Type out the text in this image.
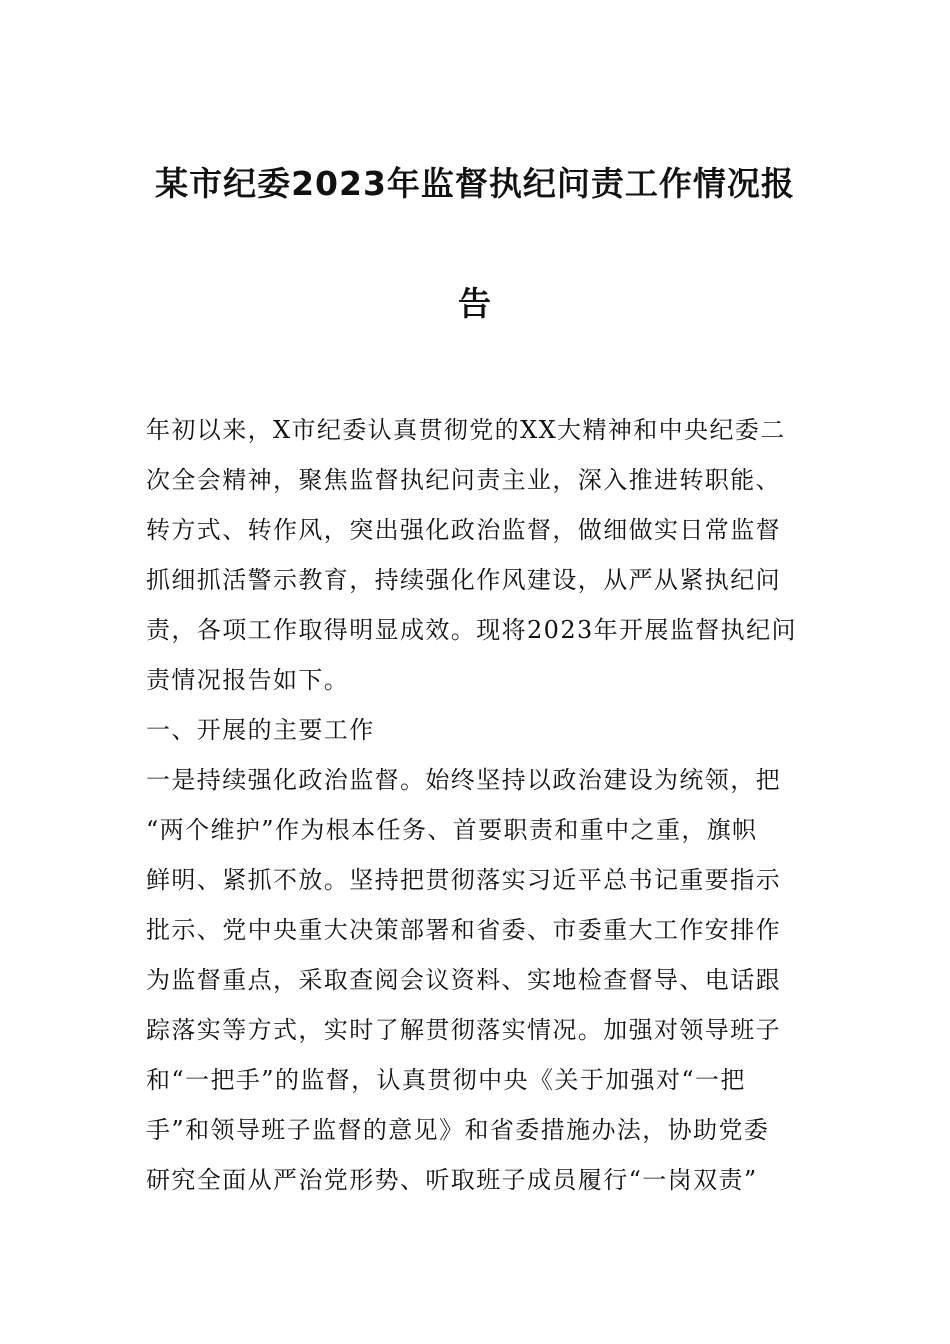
某市纪委2023年监督执纪问责工作情况报
告
年初以来，X市纪委认真贯彻党的XX大精神和中央纪委二
次全会精神，聚焦监督执纪问责主业，深入推进转职能、
转方式、转作风，突出强化政治监督，做细做实日常监督
抓细抓活警示教育，持续强化作风建设，从严从紧执纪问
责，各项工作取得明显成效。现将2023年开展监督执纪问
责情况报告如下。
一、开展的主要工作
一是持续强化政治监督。始终坚持以政治建设为统领，把
“两个维护”作为根本任务、首要职责和重中之重，旗帜
鲜明、紧抓不放。坚持把贯彻落实习近平总书记重要指示
批示、党中央重大决策部署和省委、市委重大工作安排作
为监督重点，采取查阅会议资料、实地检查督导、电话跟
踪落实等方式，实时了解贯彻落实情况。加强对领导班子
和“一把手”的监督，认真贯彻中央《关于加强对“一把
手”和领导班子监督的意见》和省委措施办法，协助党委
研究全面从严治党形势、听取班子成员履行“一岗双责”
